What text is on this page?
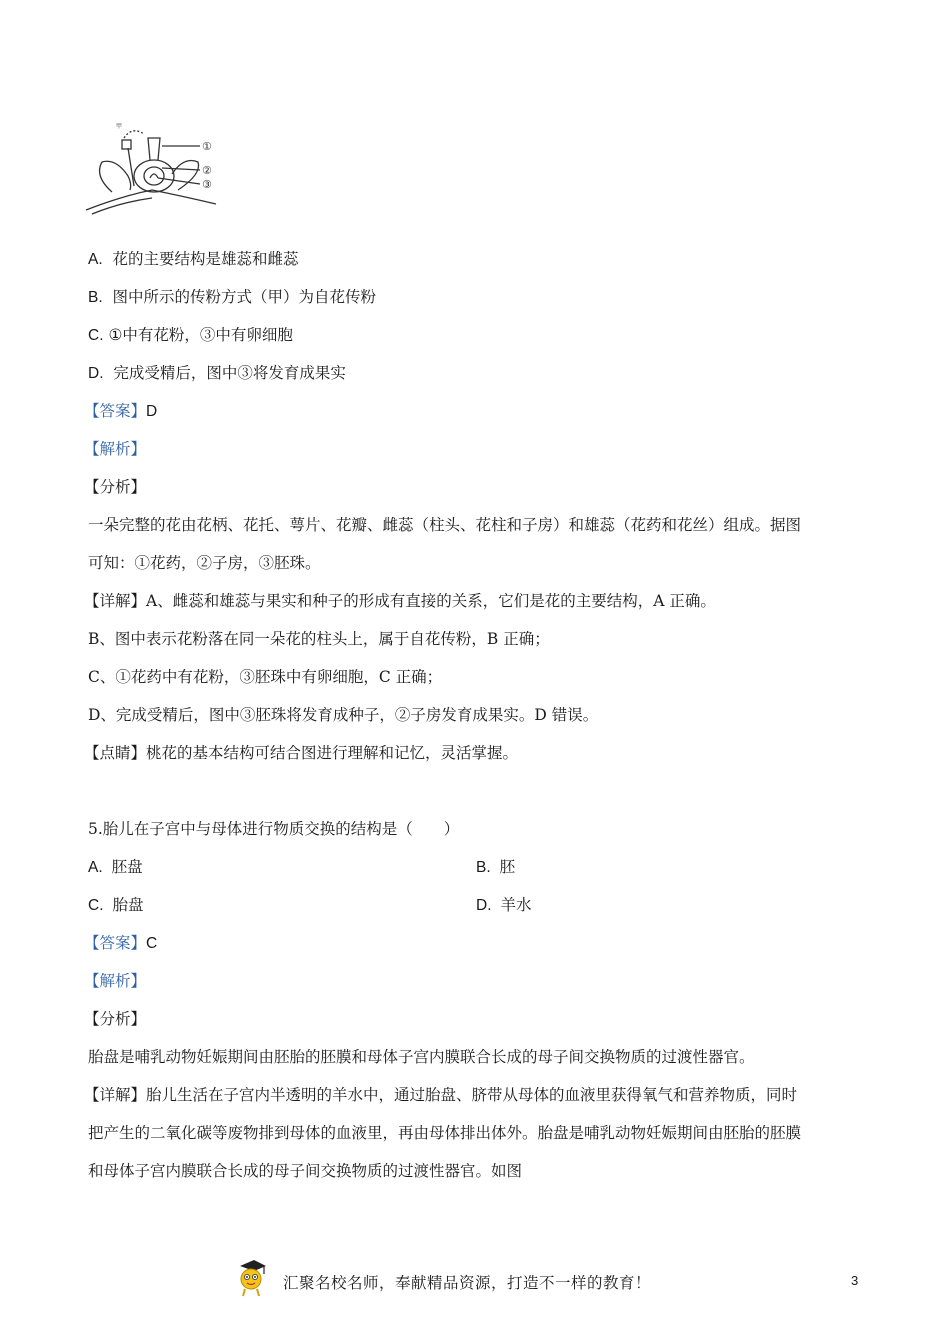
①
②
③
甲
A. 花的主要结构是雄蕊和雌蕊
B. 图中所示的传粉方式（甲）为自花传粉
C. ①中有花粉，③中有卵细胞
D. 完成受精后，图中③将发育成果实
【答案】D
【解析】
【分析】
一朵完整的花由花柄、花托、萼片、花瓣、雌蕊（柱头、花柱和子房）和雄蕊（花药和花丝）组成。据图
可知：①花药，②子房，③胚珠。
【详解】A、雌蕊和雄蕊与果实和种子的形成有直接的关系，它们是花的主要结构，A 正确。
B、图中表示花粉落在同一朵花的柱头上，属于自花传粉，B 正确；
C、①花药中有花粉，③胚珠中有卵细胞，C 正确；
D、完成受精后，图中③胚珠将发育成种子，②子房发育成果实。D 错误。
【点睛】桃花的基本结构可结合图进行理解和记忆，灵活掌握。
5.胎儿在子宫中与母体进行物质交换的结构是（　　）
A. 胚盘	B. 胚
C. 胎盘	D. 羊水
【答案】C
【解析】
【分析】
胎盘是哺乳动物妊娠期间由胚胎的胚膜和母体子宫内膜联合长成的母子间交换物质的过渡性器官。
【详解】胎儿生活在子宫内半透明的羊水中，通过胎盘、脐带从母体的血液里获得氧气和营养物质，同时
把产生的二氧化碳等废物排到母体的血液里，再由母体排出体外。胎盘是哺乳动物妊娠期间由胚胎的胚膜
和母体子宫内膜联合长成的母子间交换物质的过渡性器官。如图
汇聚名校名师，奉献精品资源，打造不一样的教育！	3
